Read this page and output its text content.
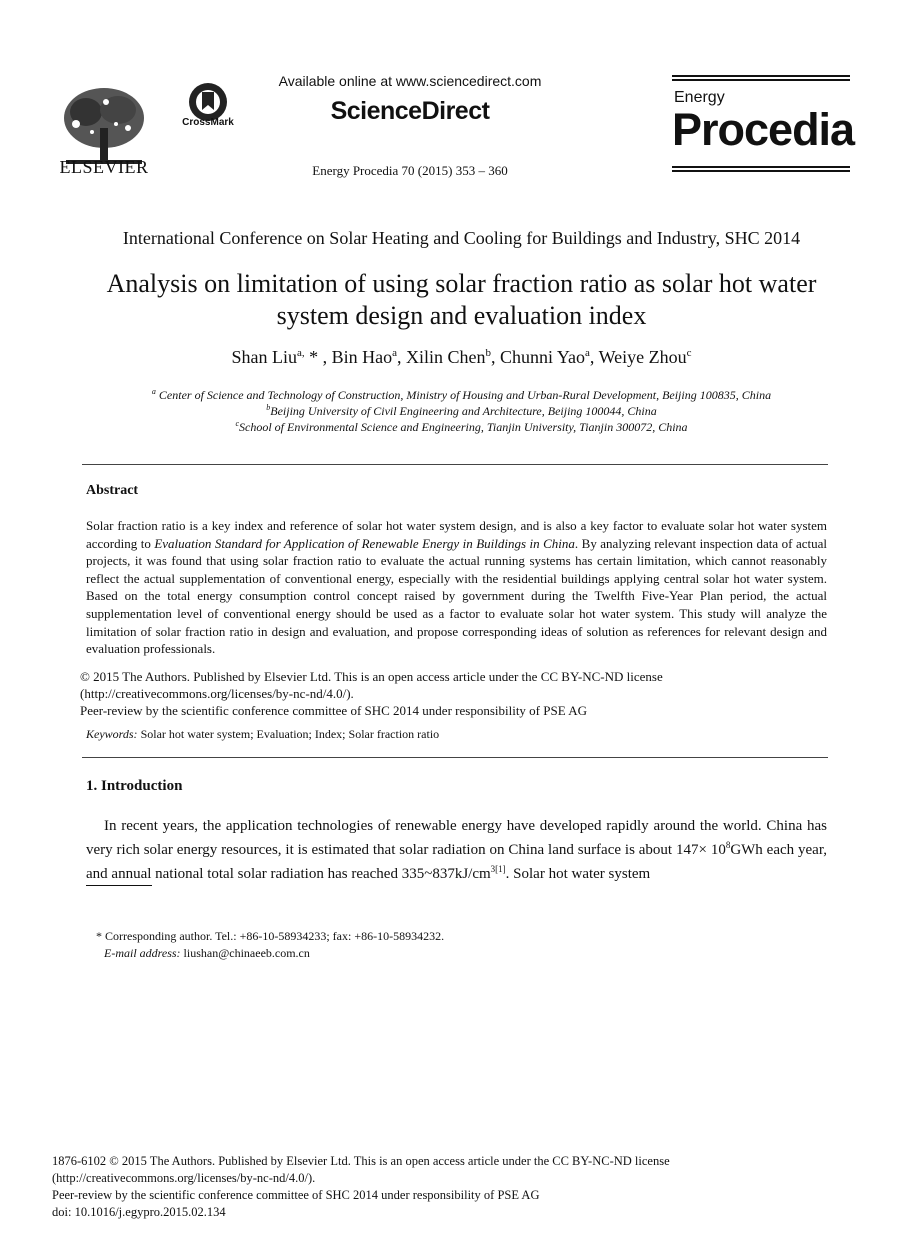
ELSEVIER
CrossMark
Available online at www.sciencedirect.com
ScienceDirect
Energy Procedia 70 (2015) 353 – 360
Energy
Procedia
International Conference on Solar Heating and Cooling for Buildings and Industry, SHC 2014
Analysis on limitation of using solar fraction ratio as solar hot water
system design and evaluation index
Shan Liu$^{a,}$ * , Bin Hao$^a$, Xilin Chen$^b$, Chunni Yao$^a$, Weiye Zhou$^c$
$^a$ Center of Science and Technology of Construction, Ministry of Housing and Urban-Rural Development, Beijing 100835, China
$^b$Beijing University of Civil Engineering and Architecture, Beijing 100044, China
$^c$School of Environmental Science and Engineering, Tianjin University, Tianjin 300072, China
Abstract
Solar fraction ratio is a key index and reference of solar hot water system design, and is also a key factor to evaluate solar hot water system according to Evaluation Standard for Application of Renewable Energy in Buildings in China. By analyzing relevant inspection data of actual projects, it was found that using solar fraction ratio to evaluate the actual running systems has certain limitation, which cannot reasonably reflect the actual supplementation of conventional energy, especially with the residential buildings applying central solar hot water system. Based on the total energy consumption control concept raised by government during the Twelfth Five-Year Plan period, the actual supplementation level of conventional energy should be used as a factor to evaluate solar hot water system. This study will analyze the limitation of solar fraction ratio in design and evaluation, and propose corresponding ideas of solution as references for relevant design and evaluation professionals.
© 2015 The Authors. Published by Elsevier Ltd. This is an open access article under the CC BY-NC-ND license
(http://creativecommons.org/licenses/by-nc-nd/4.0/).
Peer-review by the scientific conference committee of SHC 2014 under responsibility of PSE AG
Keywords: Solar hot water system; Evaluation; Index; Solar fraction ratio
1. Introduction
In recent years, the application technologies of renewable energy have developed rapidly around the world. China has very rich solar energy resources, it is estimated that solar radiation on China land surface is about $147\times 10^8GWh$ each year, and annual national total solar radiation has reached $335\sim 837kJ/cm^{3[1]}$. Solar hot water system
* Corresponding author. Tel.: +86-10-58934233; fax: +86-10-58934232.
E-mail address: liushan@chinaeeb.com.cn
1876-6102 © 2015 The Authors. Published by Elsevier Ltd. This is an open access article under the CC BY-NC-ND license
(http://creativecommons.org/licenses/by-nc-nd/4.0/).
Peer-review by the scientific conference committee of SHC 2014 under responsibility of PSE AG
doi: 10.1016/j.egypro.2015.02.134
